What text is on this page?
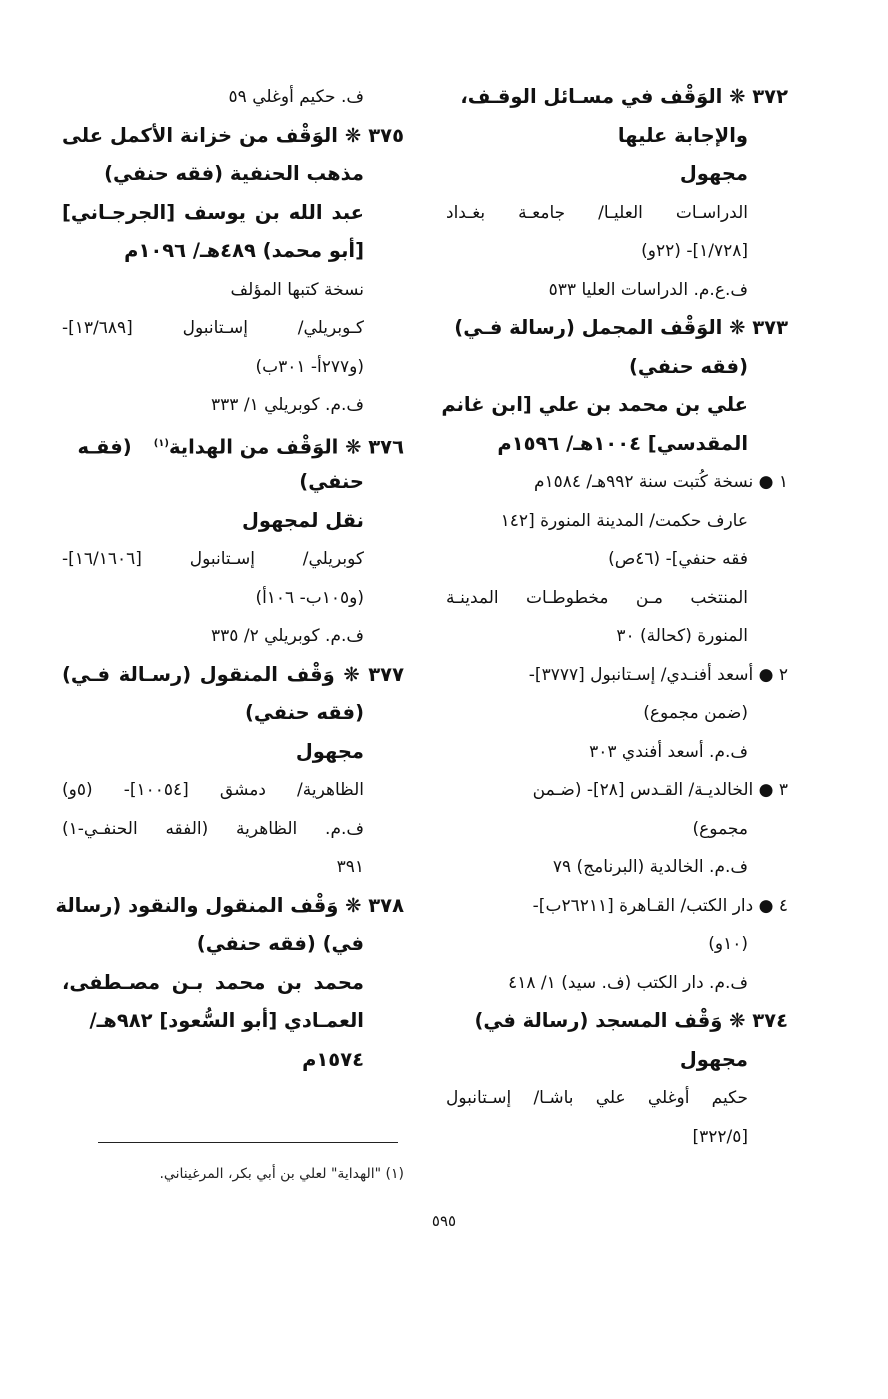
٣٧٢ ❋ الوَقْف في مسـائل الوقـف،
والإجابة عليها
مجهول
الدراسـات العليـا/ جامعـة بغـداد
[١/٧٢٨]- (٢٢و)
ف.ع.م. الدراسات العليا ٥٣٣
٣٧٣ ❋ الوَقْف المجمل (رسالة فـي)
(فقه حنفي)
علي بن محمد بن علي [ابن غانم
المقدسي] ١٠٠٤هـ/ ١٥٩٦م
١ ● نسخة كُتبت سنة ٩٩٢هـ/ ١٥٨٤م
عارف حكمت/ المدينة المنورة [١٤٢
فقه حنفي]- (٤٦ص)
المنتخب مـن مخطوطـات المدينـة
المنورة (كحالة) ٣٠
٢ ● أسعد أفنـدي/ إسـتانبول [٣٧٧٧]-
(ضمن مجموع)
ف.م. أسعد أفندي ٣٠٣
٣ ● الخالديـة/ القـدس [٢٨]- (ضـمن
مجموع)
ف.م. الخالدية (البرنامج) ٧٩
٤ ● دار الكتب/ القـاهرة [٢٦٢١١ب]-
(١٠و)
ف.م. دار الكتب (ف. سيد) ١/ ٤١٨
٣٧٤ ❋ وَقْف المسجد (رسالة في)
مجهول
حكيم أوغلي علي باشـا/ إسـتانبول
[٣٢٢/٥]
ف. حكيم أوغلي ٥٩
٣٧٥ ❋ الوَقْف من خزانة الأكمل على
مذهب الحنفية (فقه حنفي)
عبد الله بن يوسف [الجرجـاني]
[أبو محمد) ٤٨٩هـ/ ١٠٩٦م
نسخة كتبها المؤلف
كـوبريلي/ إسـتانبول [١٣/٦٨٩]-
(و٢٧٧أ- ٣٠١ب)
ف.م. كوبريلي ١/ ٣٣٣
٣٧٦ ❋ الوَقْف من الهداية$^{(١)}$(فقـه
حنفي)
نقل لمجهول
كوبريلي/ إسـتانبول [١٦/١٦٠٦]-
(و١٠٥ب- ١٠٦أ)
ف.م. كوبريلي ٢/ ٣٣٥
٣٧٧ ❋ وَقْف المنقول (رسـالة فـي)
(فقه حنفي)
مجهول
الظاهرية/ دمشق [١٠٠٥٤]- (٥و)
ف.م. الظاهرية (الفقه الحنفـي-١)
٣٩١
٣٧٨ ❋ وَقْف المنقول والنقود (رسالة
في) (فقه حنفي)
محمد بن محمد بـن مصـطفى،
العمـادي [أبو السُّعود] ٩٨٢هـ/
١٥٧٤م
(١) "الهداية" لعلي بن أبي بكر، المرغيناني.
٥٩٥
